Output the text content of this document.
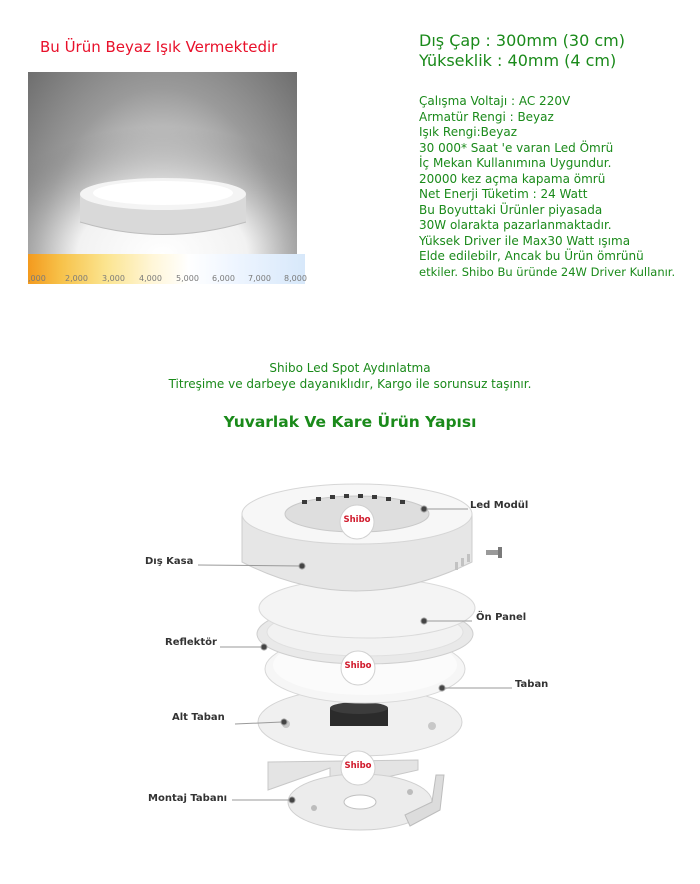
Bu Ürün Beyaz Işık Vermektedir
,000 2,000 3,000 4,000 5,000 6,000 7,000 8,000
Dış Çap : 300mm (30 cm)
Yükseklik : 40mm (4 cm)
Çalışma Voltajı : AC 220V
Armatür Rengi : Beyaz
Işık Rengi:Beyaz
30 000* Saat 'e varan Led Ömrü
İç Mekan Kullanımına Uygundur.
20000 kez açma kapama ömrü
Net Enerji Tüketim : 24 Watt
Bu Boyuttaki Ürünler piyasada
30W olarakta pazarlanmaktadır.
Yüksek Driver ile Max30 Watt ışıma
Elde edilebilr, Ancak bu Ürün ömrünü
etkiler. Shibo Bu üründe 24W Driver Kullanır.
Shibo Led Spot Aydınlatma
Titreşime ve darbeye dayanıklıdır, Kargo ile sorunsuz taşınır.
Yuvarlak Ve Kare Ürün Yapısı
Shibo
Shibo
Shibo
Led Modül
Dış Kasa
Ön Panel
Reflektör
Taban
Alt Taban
Montaj Tabanı
